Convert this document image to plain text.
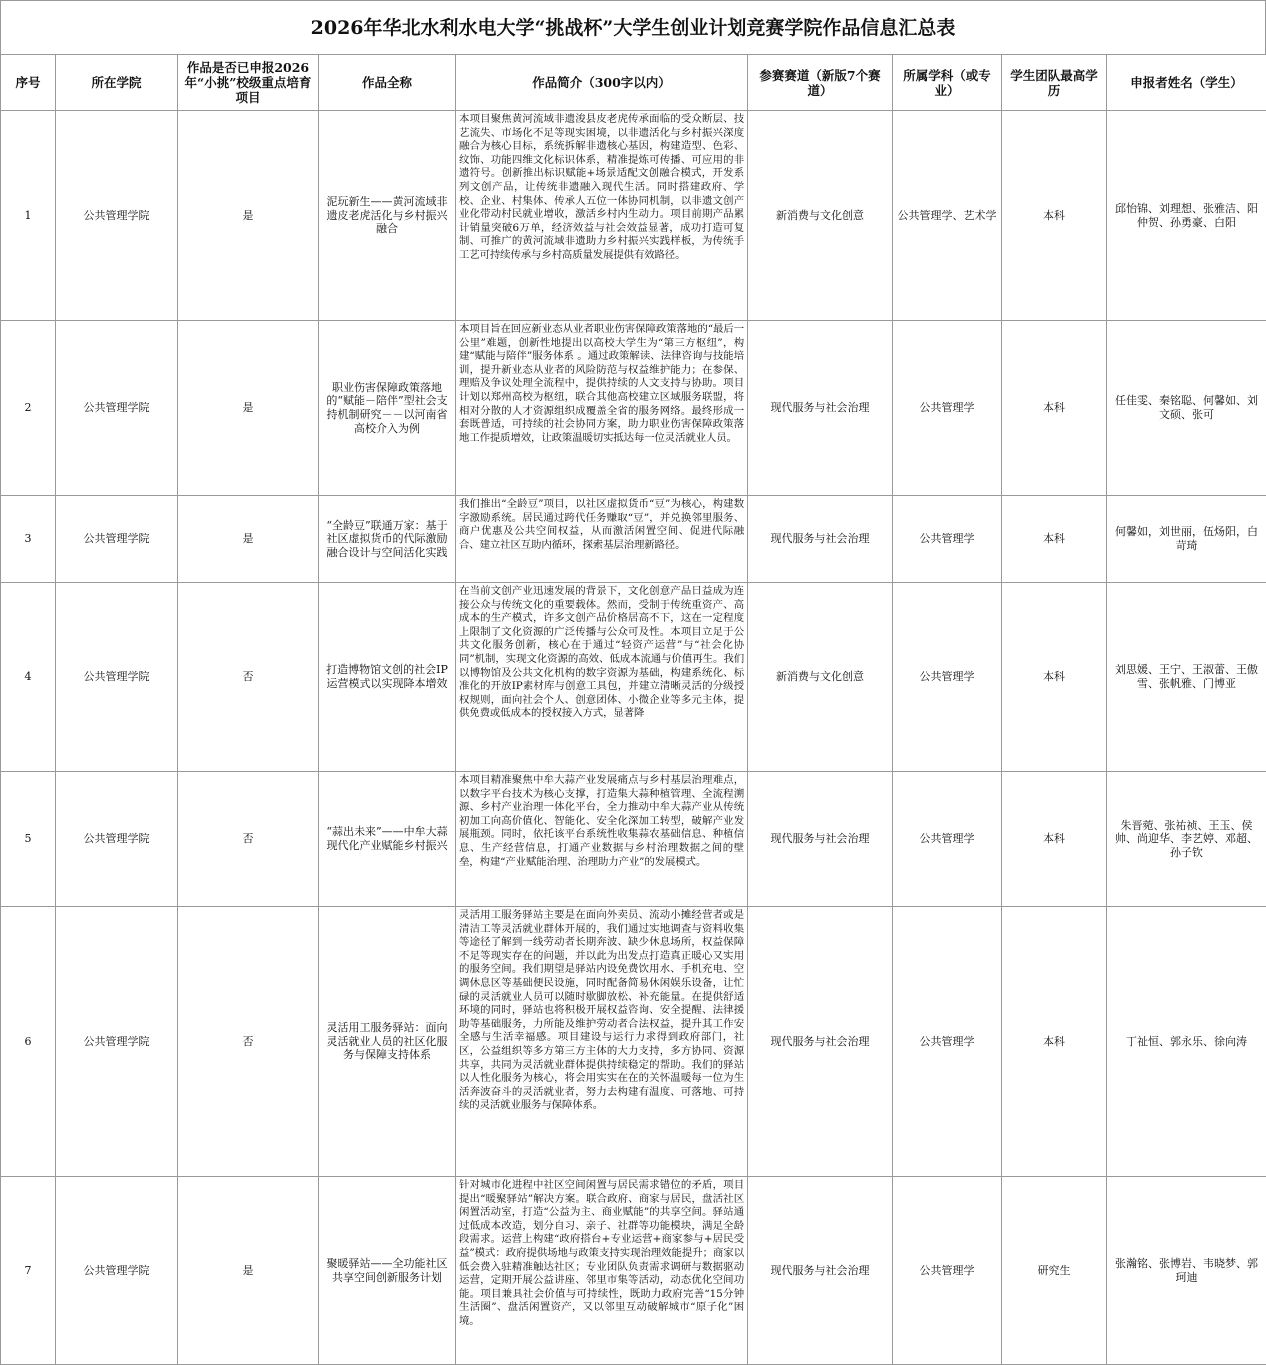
2026年华北水利水电大学“挑战杯”大学生创业计划竞赛学院作品信息汇总表
序号	所在学院	作品是否已申报2026年“小挑”校级重点培育项目	作品全称	作品简介（300字以内）	参赛赛道（新版7个赛道）	所属学科（或专业）	学生团队最高学历	申报者姓名（学生）
1	公共管理学院	是	泥玩新生——黄河流域非遗皮老虎活化与乡村振兴融合	本项目聚焦黄河流域非遗浚县皮老虎传承面临的受众断层、技艺流失、市场化不足等现实困境，以非遗活化与乡村振兴深度融合为核心目标，系统拆解非遗核心基因，构建造型、色彩、纹饰、功能四维文化标识体系，精准提炼可传播、可应用的非遗符号。创新推出标识赋能+场景适配文创融合模式，开发系列文创产品，让传统非遗融入现代生活。同时搭建政府、学校、企业、村集体、传承人五位一体协同机制，以非遗文创产业化带动村民就业增收，激活乡村内生动力。项目前期产品累计销量突破6万单，经济效益与社会效益显著，成功打造可复制、可推广的黄河流域非遗助力乡村振兴实践样板，为传统手工艺可持续传承与乡村高质量发展提供有效路径。	新消费与文化创意	公共管理学、艺术学	本科	邱怡锦、刘理想、张雅洁、阳仲贺、孙勇豪、白阳
2	公共管理学院	是	职业伤害保障政策落地的“赋能－陪伴”型社会支持机制研究－－以河南省高校介入为例	本项目旨在回应新业态从业者职业伤害保障政策落地的“最后一公里”难题，创新性地提出以高校大学生为“第三方枢纽”，构建“赋能与陪伴”服务体系 。通过政策解读、法律咨询与技能培训，提升新业态从业者的风险防范与权益维护能力；在参保、理赔及争议处理全流程中，提供持续的人文支持与协助。项目计划以郑州高校为枢纽，联合其他高校建立区域服务联盟，将相对分散的人才资源组织成覆盖全省的服务网络。最终形成一套既普适，可持续的社会协同方案，助力职业伤害保障政策落地工作提质增效，让政策温暖切实抵达每一位灵活就业人员。	现代服务与社会治理	公共管理学	本科	任佳雯、秦铭聪、何馨如、刘文硕、张可
3	公共管理学院	是	“全龄豆”联通万家：基于社区虚拟货币的代际激励融合设计与空间活化实践	我们推出“全龄豆”项目，以社区虚拟货币“豆”为核心，构建数字激励系统。居民通过跨代任务赚取“豆”，并兑换邻里服务、商户优惠及公共空间权益，从而激活闲置空间、促进代际融合、建立社区互助内循环，探索基层治理新路径。	现代服务与社会治理	公共管理学	本科	何馨如，刘世丽，伍炀阳，白苛琦
4	公共管理学院	否	打造博物馆文创的社会IP运营模式以实现降本增效	在当前文创产业迅速发展的背景下，文化创意产品日益成为连接公众与传统文化的重要载体。然而，受制于传统重资产、高成本的生产模式，许多文创产品价格居高不下，这在一定程度上限制了文化资源的广泛传播与公众可及性。本项目立足于公共文化服务创新，核心在于通过“轻资产运营”与“社会化协同”机制，实现文化资源的高效、低成本流通与价值再生。我们以博物馆及公共文化机构的数字资源为基础，构建系统化、标准化的开放IP素材库与创意工具包，并建立清晰灵活的分级授权规则，面向社会个人、创意团体、小微企业等多元主体，提供免费或低成本的授权接入方式，显著降	新消费与文化创意	公共管理学	本科	刘思媛、王宁、王淑蕾、王傲雪、张帆雅、门博亚
5	公共管理学院	否	“蒜出未来”——中牟大蒜现代化产业赋能乡村振兴	本项目精准聚焦中牟大蒜产业发展痛点与乡村基层治理难点，以数字平台技术为核心支撑，打造集大蒜种植管理、全流程溯源、乡村产业治理一体化平台，全力推动中牟大蒜产业从传统初加工向高价值化、智能化、安全化深加工转型，破解产业发展瓶颈。同时，依托该平台系统性收集蒜农基础信息、种植信息、生产经营信息，打通产业数据与乡村治理数据之间的壁垒，构建“产业赋能治理、治理助力产业”的发展模式。	现代服务与社会治理	公共管理学	本科	朱晋菀、张祐祯、王玉、侯帅、尚迎华、李艺婷、邓超、孙子钦
6	公共管理学院	否	灵活用工服务驿站：面向灵活就业人员的社区化服务与保障支持体系	灵活用工服务驿站主要是在面向外卖员、流动小摊经营者或是清洁工等灵活就业群体开展的，我们通过实地调查与资料收集等途径了解到一线劳动者长期奔波、缺少休息场所，权益保障不足等现实存在的问题，并以此为出发点打造真正暖心又实用的服务空间。我们期望是驿站内设免费饮用水、手机充电、空调休息区等基础便民设施，同时配备简易休闲娱乐设备，让忙碌的灵活就业人员可以随时歇脚放松、补充能量。在提供舒适环境的同时，驿站也将积极开展权益咨询、安全提醒、法律援助等基础服务，力所能及维护劳动者合法权益，提升其工作安全感与生活幸福感。项目建设与运行力求得到政府部门，社区，公益组织等多方第三方主体的大力支持，多方协同、资源共享，共同为灵活就业群体提供持续稳定的帮助。我们的驿站以人性化服务为核心，将会用实实在在的关怀温暖每一位为生活奔波奋斗的灵活就业者，努力去构建有温度、可落地、可持续的灵活就业服务与保障体系。	现代服务与社会治理	公共管理学	本科	丁祉恒、郭永乐、徐向涛
7	公共管理学院	是	聚暖驿站——全功能社区共享空间创新服务计划	针对城市化进程中社区空间闲置与居民需求错位的矛盾，项目提出“暖聚驿站”解决方案。联合政府、商家与居民，盘活社区闲置活动室，打造“公益为主、商业赋能”的共享空间。驿站通过低成本改造，划分自习、亲子、社群等功能模块，满足全龄段需求。运营上构建“政府搭台+专业运营+商家参与+居民受益”模式：政府提供场地与政策支持实现治理效能提升；商家以低会费入驻精准触达社区；专业团队负责需求调研与数据驱动运营，定期开展公益讲座、邻里市集等活动，动态优化空间功能。项目兼具社会价值与可持续性，既助力政府完善“15分钟生活圈”、盘活闲置资产，又以邻里互动破解城市“原子化”困境。	现代服务与社会治理	公共管理学	研究生	张瀚铭、张博岩、韦晓梦、郭珂迪
